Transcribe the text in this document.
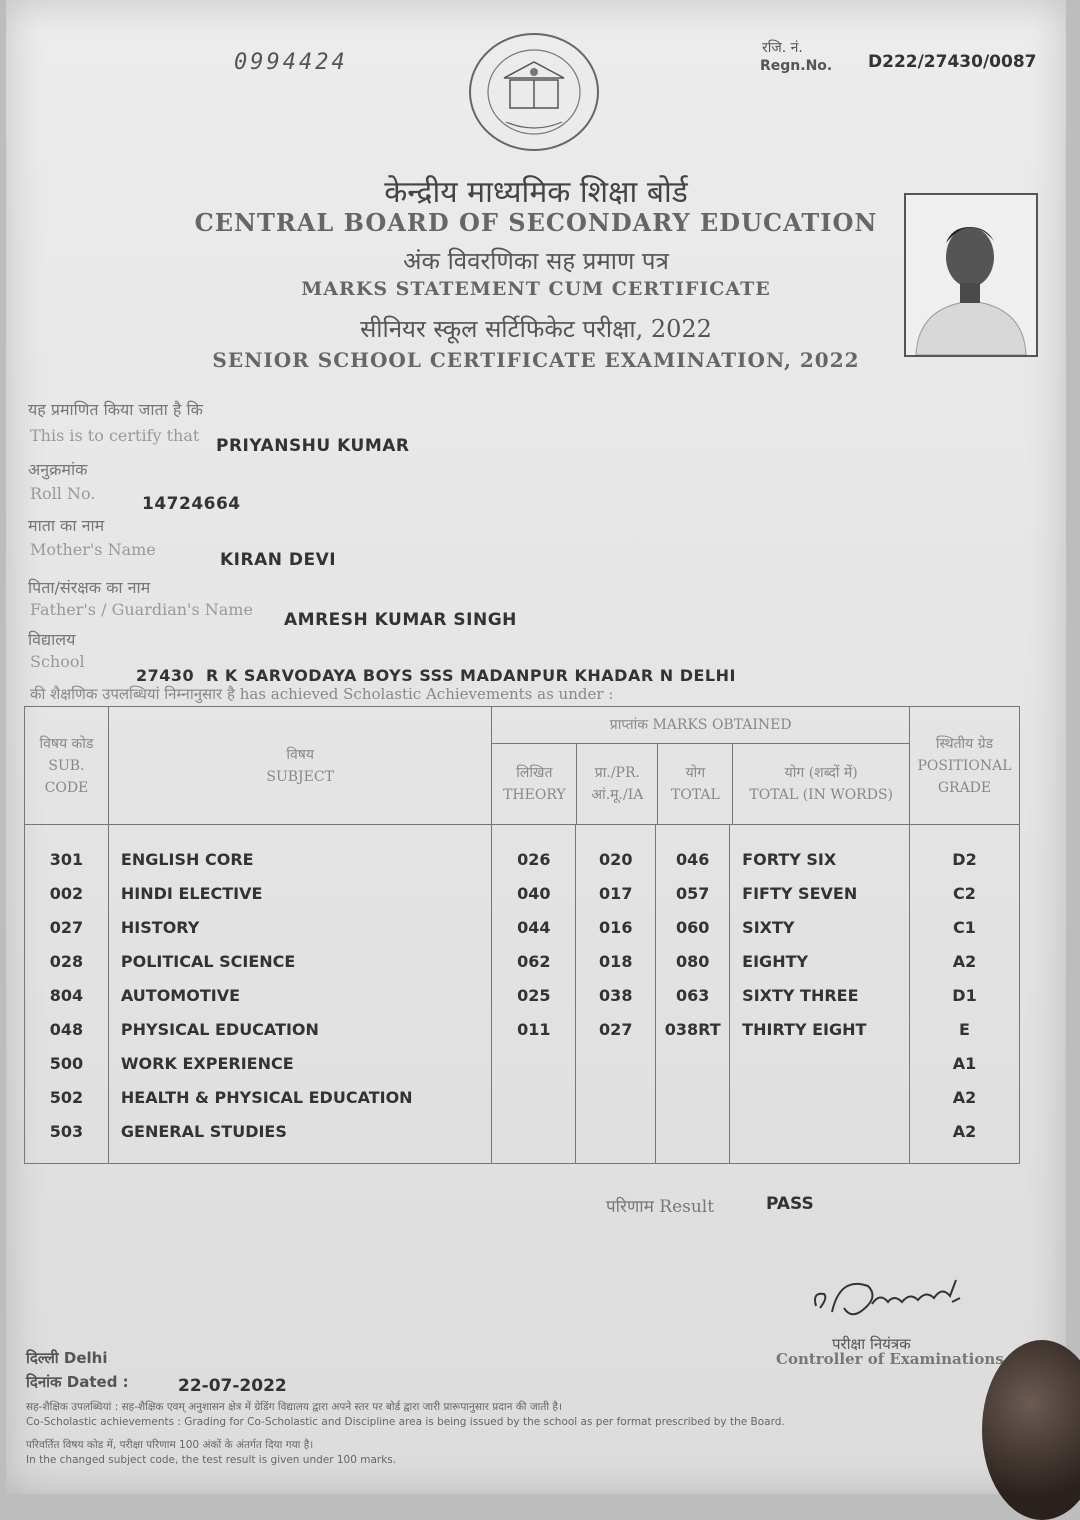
0994424
रजि. नं.
Regn.No. D222/27430/0087
केन्द्रीय माध्यमिक शिक्षा बोर्ड
CENTRAL BOARD OF SECONDARY EDUCATION
अंक विवरणिका सह प्रमाण पत्र
MARKS STATEMENT CUM CERTIFICATE
सीनियर स्कूल सर्टिफिकेट परीक्षा, 2022
SENIOR SCHOOL CERTIFICATE EXAMINATION, 2022
यह प्रमाणित किया जाता है कि
This is to certify that
PRIYANSHU KUMAR
अनुक्रमांक
Roll No.
14724664
माता का नाम
Mother's Name
KIRAN DEVI
पिता/संरक्षक का नाम
Father's / Guardian's Name
AMRESH KUMAR SINGH
विद्यालय
School
27430 R K SARVODAYA BOYS SSS MADANPUR KHADAR N DELHI
की शैक्षणिक उपलब्धियां निम्नानुसार है has achieved Scholastic Achievements as under :
विषय कोड
SUB.
CODE

विषय
SUBJECT

प्राप्तांक MARKS OBTAINED
लिखित
THEORY

प्रा./PR.
आं.मू./IA

योग
TOTAL

योग (शब्दों में)
TOTAL (IN WORDS)

स्थितीय ग्रेड
POSITIONAL
GRADE

301	ENGLISH CORE	026	020	046	FORTY SIX	D2
002	HINDI ELECTIVE	040	017	057	FIFTY SEVEN	C2
027	HISTORY	044	016	060	SIXTY	C1
028	POLITICAL SCIENCE	062	018	080	EIGHTY	A2
804	AUTOMOTIVE	025	038	063	SIXTY THREE	D1
048	PHYSICAL EDUCATION	011	027	038RT	THIRTY EIGHT	E
500	WORK EXPERIENCE					A1
502	HEALTH & PHYSICAL EDUCATION					A2
503	GENERAL STUDIES					A2

परिणाम Result	PASS
परीक्षा नियंत्रक
Controller of Examinations
दिल्ली Delhi
दिनांक Dated :	22-07-2022
सह-शैक्षिक उपलब्धियां : सह-शैक्षिक एवम् अनुशासन क्षेत्र में ग्रेडिंग विद्यालय द्वारा अपने स्तर पर बोर्ड द्वारा जारी प्रारूपानुसार प्रदान की जाती है।
Co-Scholastic achievements : Grading for Co-Scholastic and Discipline area is being issued by the school as per format prescribed by the Board.
परिवर्तित विषय कोड में, परीक्षा परिणाम 100 अंकों के अंतर्गत दिया गया है।
In the changed subject code, the test result is given under 100 marks.
